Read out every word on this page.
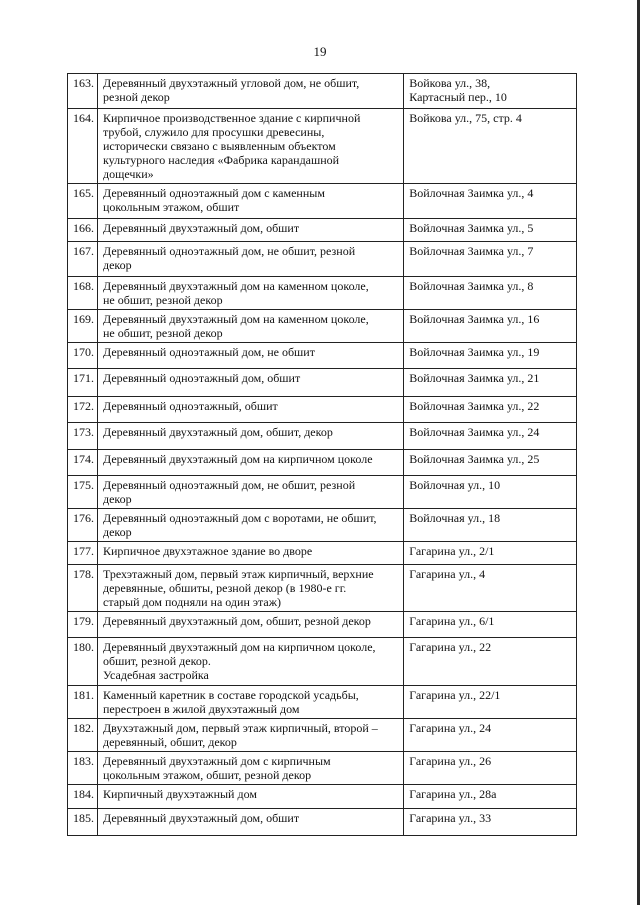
19
163.	Деревянный двухэтажный угловой дом, не обшит,
резной декор	Войкова ул., 38,
Картасный пер., 10

164.	Кирпичное производственное здание с кирпичной
трубой, служило для просушки древесины,
исторически связано с выявленным объектом
культурного наследия «Фабрика карандашной
дощечки»	Войкова ул., 75, стр. 4

165.	Деревянный одноэтажный дом с каменным
цокольным этажом, обшит	Войлочная Заимка ул., 4

166.	Деревянный двухэтажный дом, обшит	Войлочная Заимка ул., 5

167.	Деревянный одноэтажный дом, не обшит, резной
декор	Войлочная Заимка ул., 7

168.	Деревянный двухэтажный дом на каменном цоколе,
не обшит, резной декор	Войлочная Заимка ул., 8

169.	Деревянный двухэтажный дом на каменном цоколе,
не обшит, резной декор	Войлочная Заимка ул., 16

170.	Деревянный одноэтажный дом, не обшит	Войлочная Заимка ул., 19

171.	Деревянный одноэтажный дом, обшит	Войлочная Заимка ул., 21

172.	Деревянный одноэтажный, обшит	Войлочная Заимка ул., 22

173.	Деревянный двухэтажный дом, обшит, декор	Войлочная Заимка ул., 24

174.	Деревянный двухэтажный дом на кирпичном цоколе	Войлочная Заимка ул., 25

175.	Деревянный одноэтажный дом, не обшит, резной
декор	Войлочная ул., 10

176.	Деревянный одноэтажный дом с воротами, не обшит,
декор	Войлочная ул., 18

177.	Кирпичное двухэтажное здание во дворе	Гагарина ул., 2/1

178.	Трехэтажный дом, первый этаж кирпичный, верхние
деревянные, обшиты, резной декор (в 1980-е гг.
старый дом подняли на один этаж)	Гагарина ул., 4

179.	Деревянный двухэтажный дом, обшит, резной декор	Гагарина ул., 6/1

180.	Деревянный двухэтажный дом на кирпичном цоколе,
обшит, резной декор.
Усадебная застройка	Гагарина ул., 22

181.	Каменный каретник в составе городской усадьбы,
перестроен в жилой двухэтажный дом	Гагарина ул., 22/1

182.	Двухэтажный дом, первый этаж кирпичный, второй –
деревянный, обшит, декор	Гагарина ул., 24

183.	Деревянный двухэтажный дом с кирпичным
цокольным этажом, обшит, резной декор	Гагарина ул., 26

184.	Кирпичный двухэтажный дом	Гагарина ул., 28а

185.	Деревянный двухэтажный дом, обшит	Гагарина ул., 33
